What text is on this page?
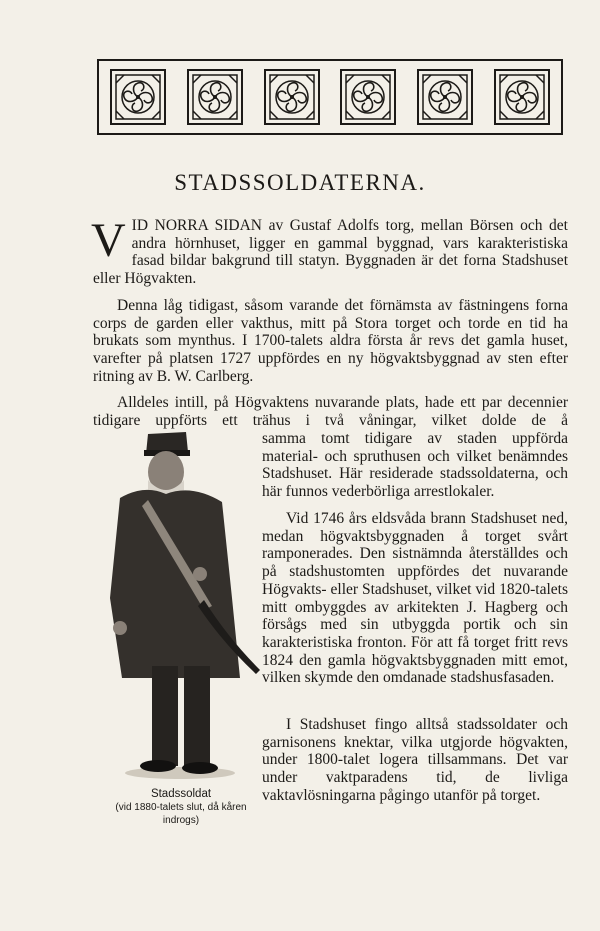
STADSSOLDATERNA.

VID NORRA SIDAN av Gustaf Adolfs torg, mellan Börsen och det andra hörnhuset, ligger en gammal byggnad, vars karakteristiska fasad bildar bakgrund till statyn. Byggnaden är det forna Stadshuset eller Högvakten.

Denna låg tidigast, såsom varande det förnämsta av fästningens forna corps de garden eller vakthus, mitt på Stora torget och torde en tid ha brukats som mynthus. I 1700-talets aldra första år revs det gamla huset, varefter på platsen 1727 uppfördes en ny högvaktsbyggnad av sten efter ritning av B. W. Carlberg.

Alldeles intill, på Högvaktens nuvarande plats, hade ett par decennier tidigare uppförts ett trähus i två våningar, vilket dolde de å

samma tomt tidigare av staden uppförda material- och spruthusen och vilket benämndes Stadshuset. Här residerade stadssoldaterna, och här funnos vederbörliga arrestlokaler.

Vid 1746 års eldsvåda brann Stadshuset ned, medan högvaktsbyggnaden å torget svårt ramponerades. Den sistnämnda återställdes och på stadshustomten uppfördes det nuvarande Högvakts- eller Stadshuset, vilket vid 1820-talets mitt ombyggdes av arkitekten J. Hagberg och försågs med sin utbyggda portik och sin karakteristiska fronton. För att få torget fritt revs 1824 den gamla högvaktsbyggnaden mitt emot, vilken skymde den omdanade stadshusfasaden.

I Stadshuset fingo alltså stadssoldater och garnisonens knektar, vilka utgjorde högvakten, under 1800-talet logera tillsammans. Det var under vaktparadens tid, de livliga vaktavlösningarna pågingo utanför på torget.

Stadssoldat
(vid 1880-talets slut, då kåren indrogs)
